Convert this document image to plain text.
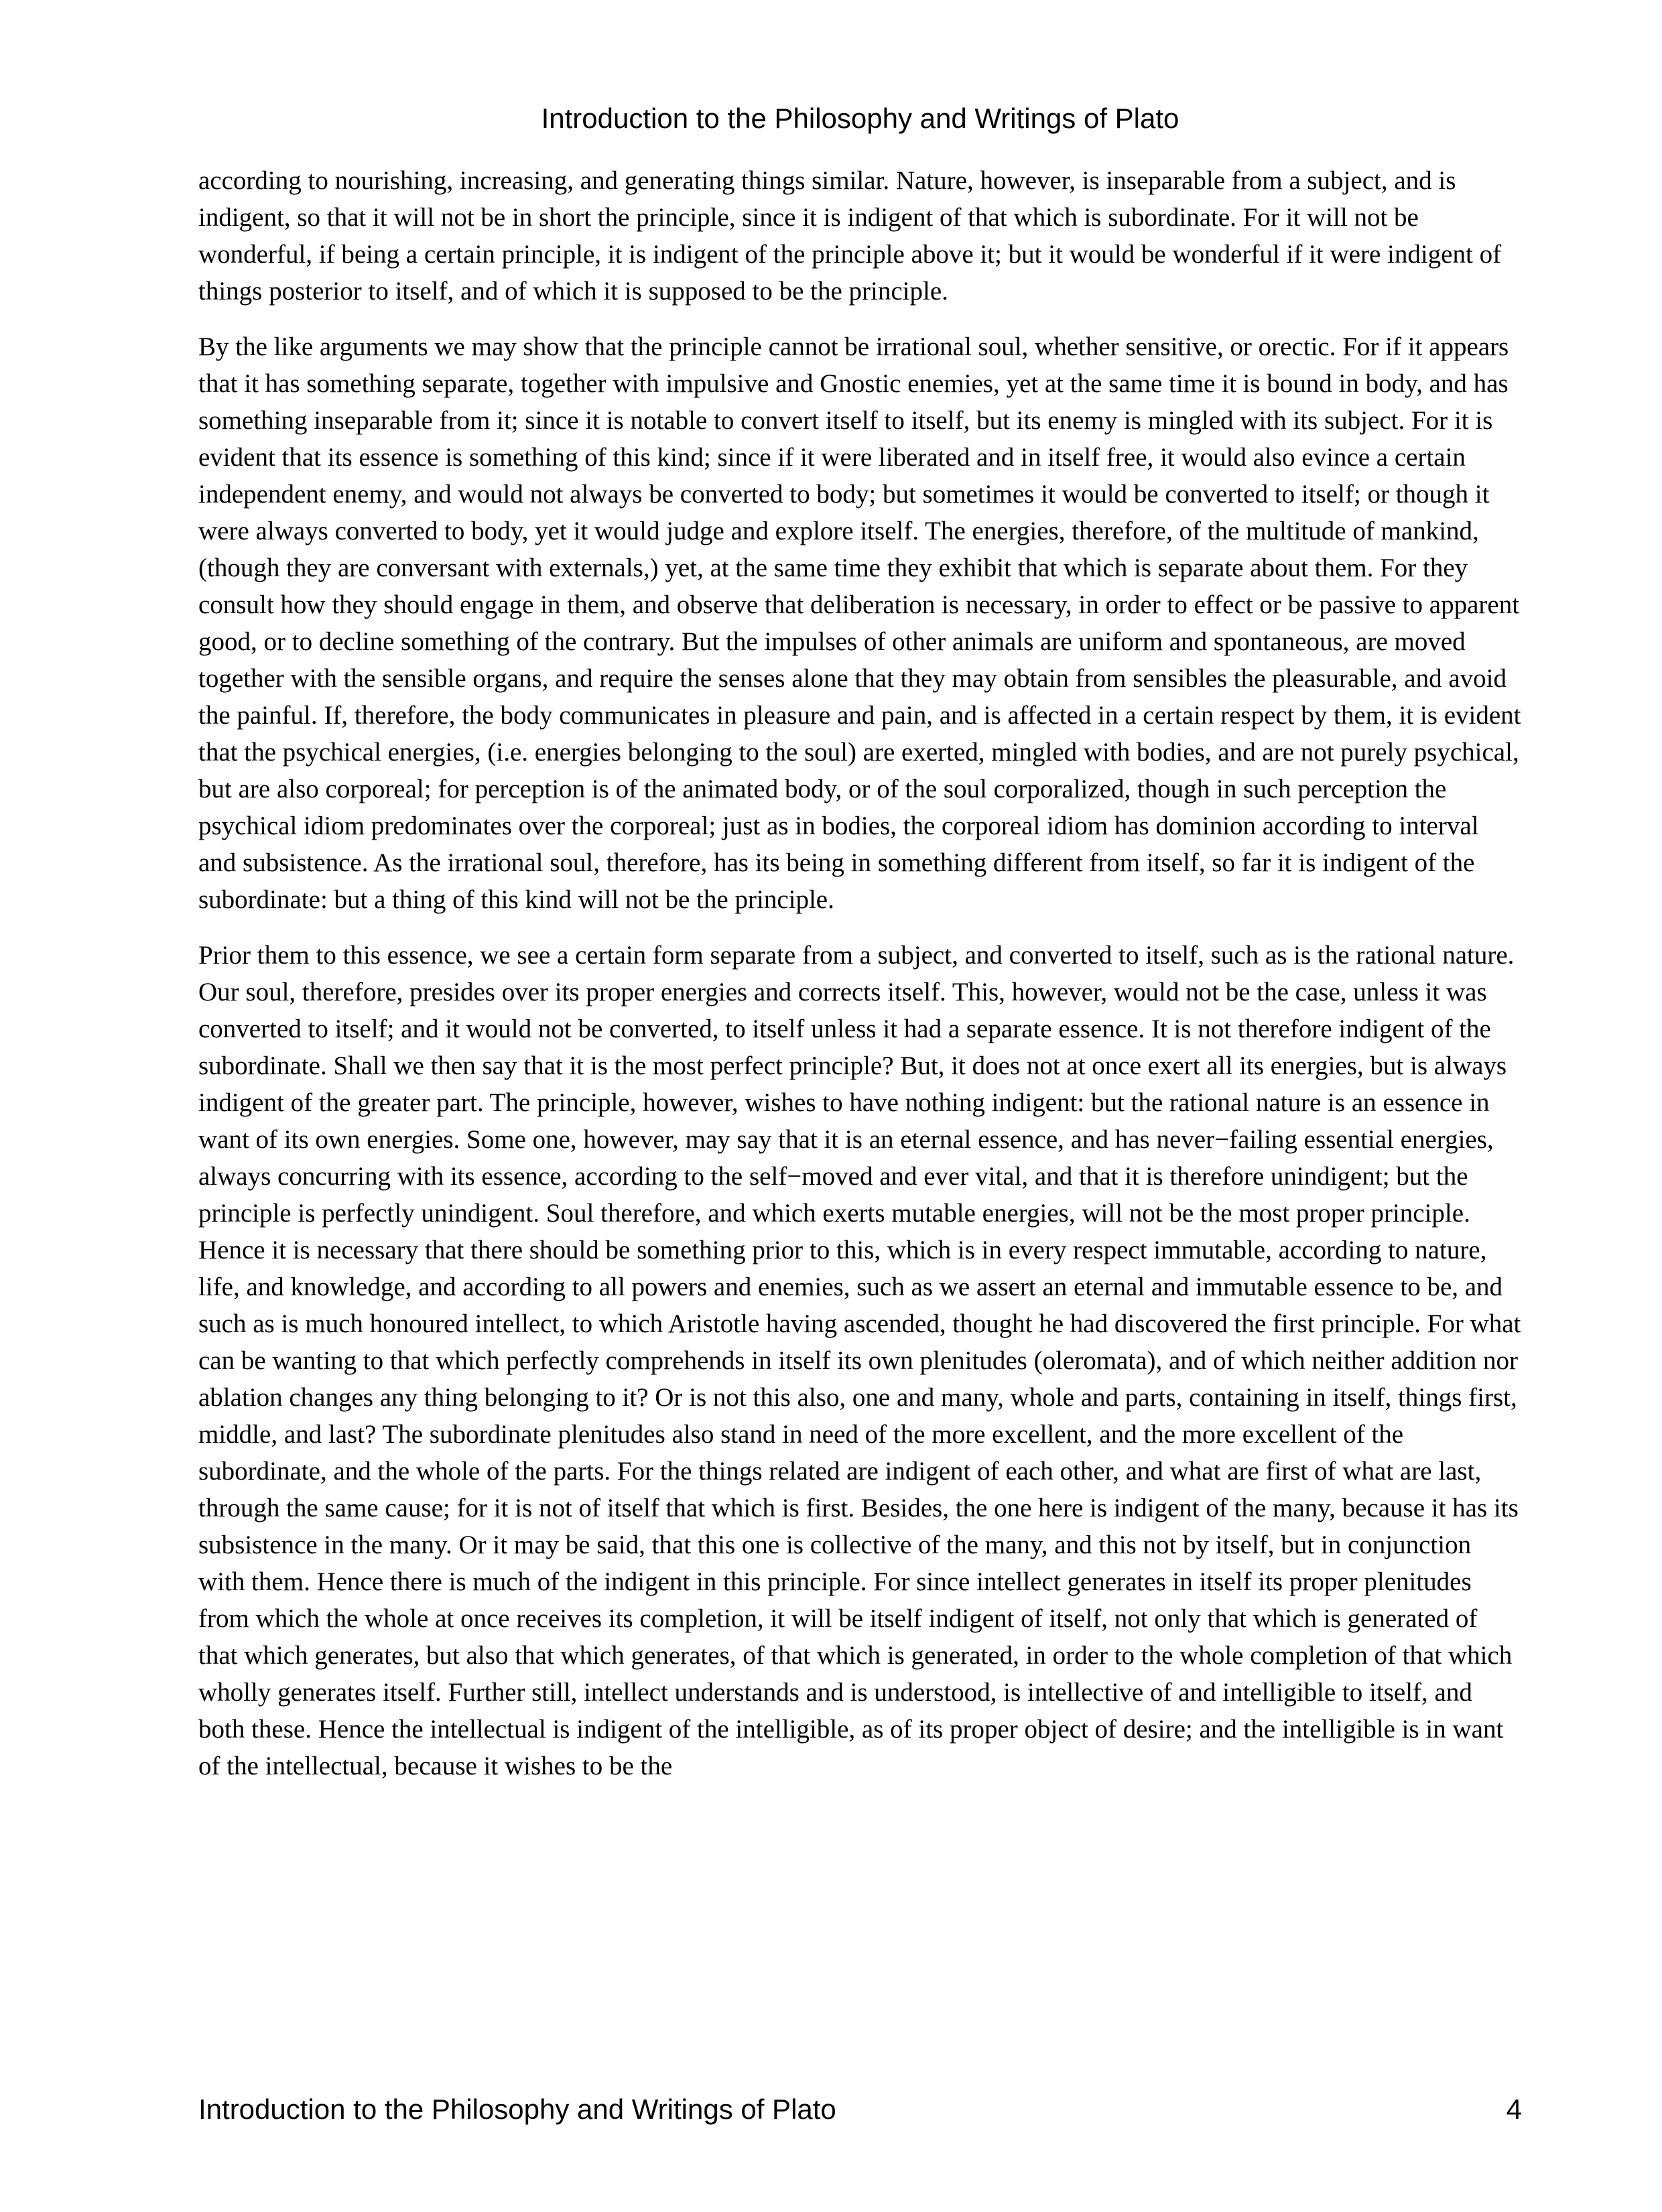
Introduction to the Philosophy and Writings of Plato

according to nourishing, increasing, and generating things similar. Nature, however, is inseparable from a subject, and is indigent, so that it will not be in short the principle, since it is indigent of that which is subordinate. For it will not be wonderful, if being a certain principle, it is indigent of the principle above it; but it would be wonderful if it were indigent of things posterior to itself, and of which it is supposed to be the principle.

By the like arguments we may show that the principle cannot be irrational soul, whether sensitive, or orectic. For if it appears that it has something separate, together with impulsive and Gnostic enemies, yet at the same time it is bound in body, and has something inseparable from it; since it is notable to convert itself to itself, but its enemy is mingled with its subject. For it is evident that its essence is something of this kind; since if it were liberated and in itself free, it would also evince a certain independent enemy, and would not always be converted to body; but sometimes it would be converted to itself; or though it were always converted to body, yet it would judge and explore itself. The energies, therefore, of the multitude of mankind, (though they are conversant with externals,) yet, at the same time they exhibit that which is separate about them. For they consult how they should engage in them, and observe that deliberation is necessary, in order to effect or be passive to apparent good, or to decline something of the contrary. But the impulses of other animals are uniform and spontaneous, are moved together with the sensible organs, and require the senses alone that they may obtain from sensibles the pleasurable, and avoid the painful. If, therefore, the body communicates in pleasure and pain, and is affected in a certain respect by them, it is evident that the psychical energies, (i.e. energies belonging to the soul) are exerted, mingled with bodies, and are not purely psychical, but are also corporeal; for perception is of the animated body, or of the soul corporalized, though in such perception the psychical idiom predominates over the corporeal; just as in bodies, the corporeal idiom has dominion according to interval and subsistence. As the irrational soul, therefore, has its being in something different from itself, so far it is indigent of the subordinate: but a thing of this kind will not be the principle.

Prior them to this essence, we see a certain form separate from a subject, and converted to itself, such as is the rational nature. Our soul, therefore, presides over its proper energies and corrects itself. This, however, would not be the case, unless it was converted to itself; and it would not be converted, to itself unless it had a separate essence. It is not therefore indigent of the subordinate. Shall we then say that it is the most perfect principle? But, it does not at once exert all its energies, but is always indigent of the greater part. The principle, however, wishes to have nothing indigent: but the rational nature is an essence in want of its own energies. Some one, however, may say that it is an eternal essence, and has never−failing essential energies, always concurring with its essence, according to the self−moved and ever vital, and that it is therefore unindigent; but the principle is perfectly unindigent. Soul therefore, and which exerts mutable energies, will not be the most proper principle. Hence it is necessary that there should be something prior to this, which is in every respect immutable, according to nature, life, and knowledge, and according to all powers and enemies, such as we assert an eternal and immutable essence to be, and such as is much honoured intellect, to which Aristotle having ascended, thought he had discovered the first principle. For what can be wanting to that which perfectly comprehends in itself its own plenitudes (oleromata), and of which neither addition nor ablation changes any thing belonging to it? Or is not this also, one and many, whole and parts, containing in itself, things first, middle, and last? The subordinate plenitudes also stand in need of the more excellent, and the more excellent of the subordinate, and the whole of the parts. For the things related are indigent of each other, and what are first of what are last, through the same cause; for it is not of itself that which is first. Besides, the one here is indigent of the many, because it has its subsistence in the many. Or it may be said, that this one is collective of the many, and this not by itself, but in conjunction with them. Hence there is much of the indigent in this principle. For since intellect generates in itself its proper plenitudes from which the whole at once receives its completion, it will be itself indigent of itself, not only that which is generated of that which generates, but also that which generates, of that which is generated, in order to the whole completion of that which wholly generates itself. Further still, intellect understands and is understood, is intellective of and intelligible to itself, and both these. Hence the intellectual is indigent of the intelligible, as of its proper object of desire; and the intelligible is in want of the intellectual, because it wishes to be the

Introduction to the Philosophy and Writings of Plato	4
